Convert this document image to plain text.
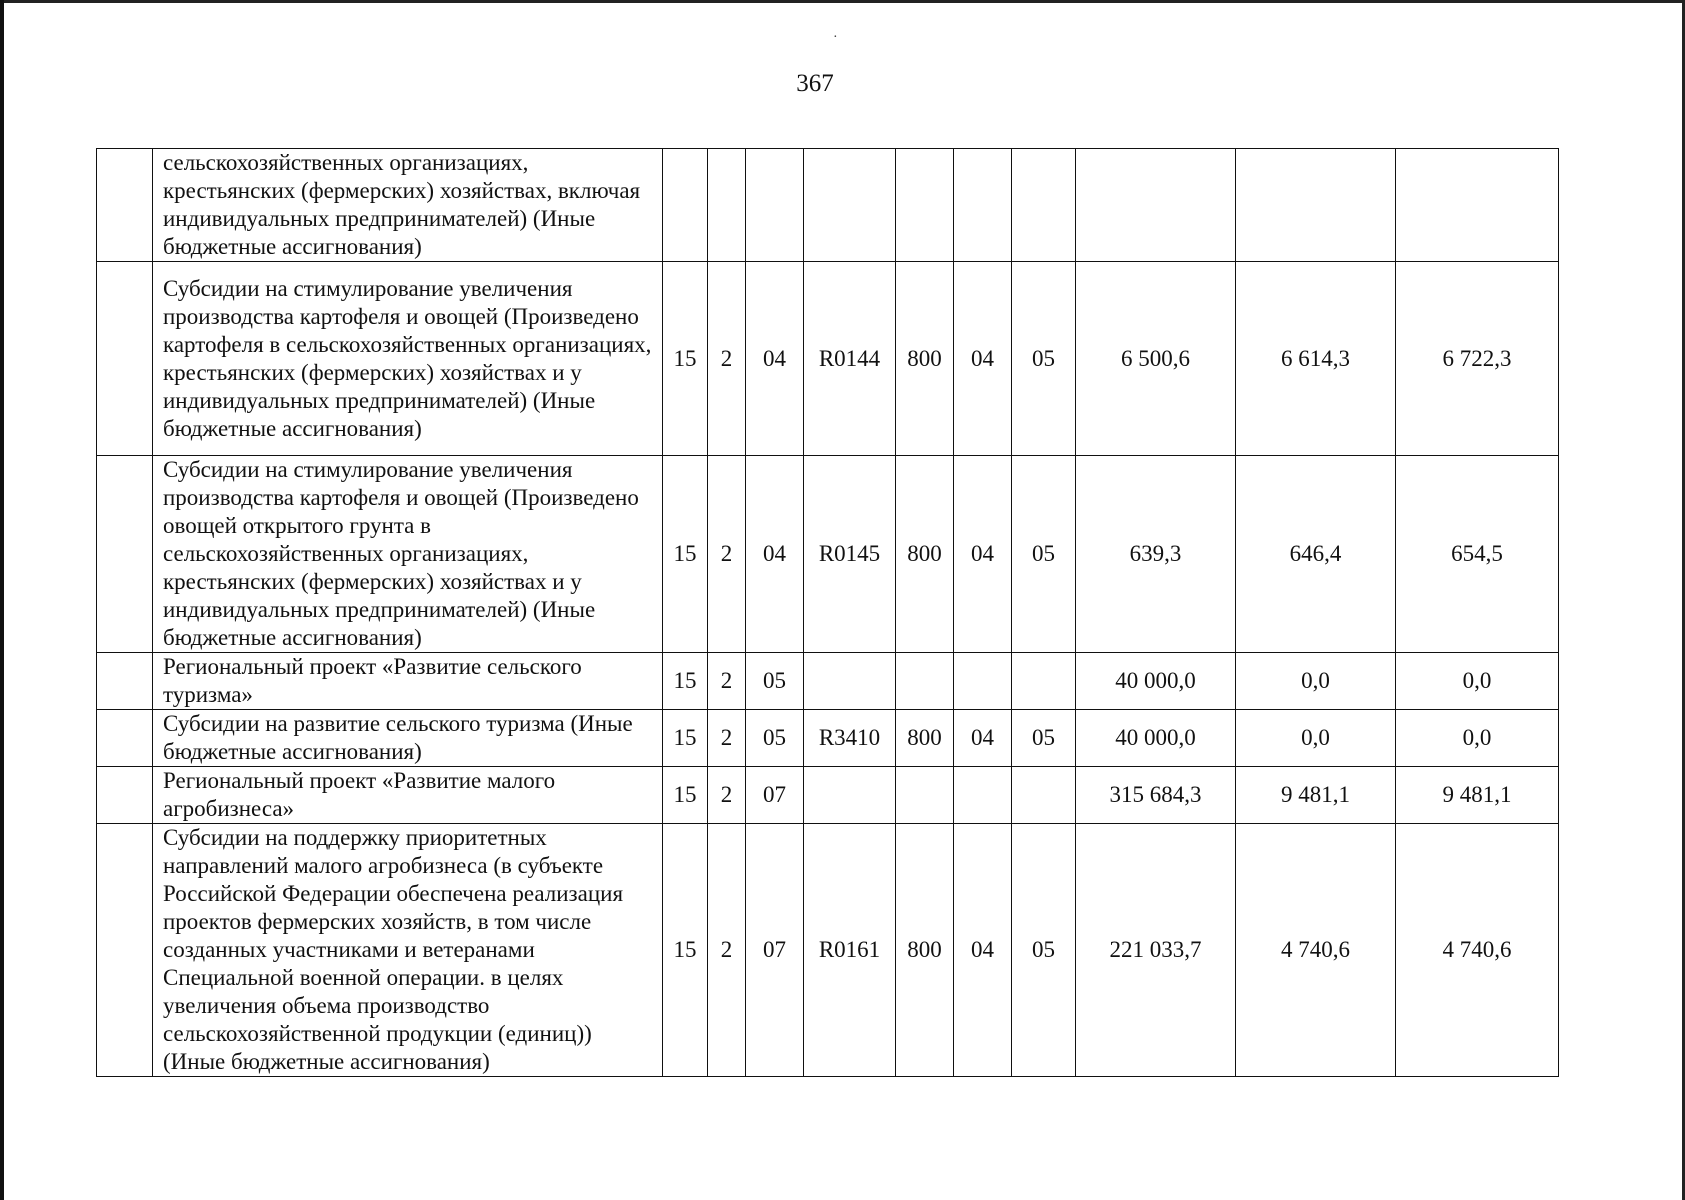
·
367
	сельскохозяйственных организациях, крестьянских (фермерских) хозяйствах, включая индивидуальных предпринимателей) (Иные бюджетные ассигнования)										
	Субсидии на стимулирование увеличения производства картофеля и овощей (Произведено картофеля в сельскохозяйственных организациях, крестьянских (фермерских) хозяйствах и у индивидуальных предпринимателей) (Иные бюджетные ассигнования)	15	2	04	R0144	800	04	05	6 500,6	6 614,3	6 722,3
	Субсидии на стимулирование увеличения производства картофеля и овощей (Произведено овощей открытого грунта в сельскохозяйственных организациях, крестьянских (фермерских) хозяйствах и у индивидуальных предпринимателей) (Иные бюджетные ассигнования)	15	2	04	R0145	800	04	05	639,3	646,4	654,5
	Региональный проект «Развитие сельского туризма»	15	2	05					40 000,0	0,0	0,0
	Субсидии на развитие сельского туризма (Иные бюджетные ассигнования)	15	2	05	R3410	800	04	05	40 000,0	0,0	0,0
	Региональный проект «Развитие малого агробизнеса»	15	2	07					315 684,3	9 481,1	9 481,1
	Субсидии на поддержку приоритетных направлений малого агробизнеса (в субъекте Российской Федерации обеспечена реализация проектов фермерских хозяйств, в том числе созданных участниками и ветеранами Специальной военной операции. в целях увеличения объема производство сельскохозяйственной продукции (единиц)) (Иные бюджетные ассигнования)	15	2	07	R0161	800	04	05	221 033,7	4 740,6	4 740,6
